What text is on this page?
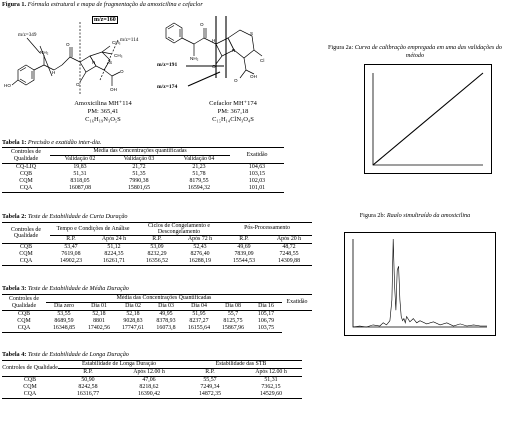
Figura 1. Fórmula estrutural e mapa de fragmentação da amoxicilina e cefaclor
HO
NH₂
H
O
O
S
OH
O
CH₃
CH₃
N
m/z=160
m/z=349
m/z=114
Amoxicilina MH⁺114
PM: 365,41
C₁₆H₁₉N₃O₅S
O
NH₂
H
O
S
Cl
OH
O
N
m/z=191
m/z=174
Cefaclor MH⁺174
PM: 367,18
C₁₅H₁₄ClN₃O₄S
Tabela 1: Precisão e exatidão inter-dia.
Controles de Qualidade	Média das Concentrações quantificadas			Exatidão
	Validação 02	Validação 03	Validação 04	
CQ-LIQ	19,83	21,72	21,23	104,63
CQB	51,31	51,35	51,78	103,15
CQM	8318,05	7990,38	8179,55	102,03
CQA	16087,08	15801,65	16594,32	101,01
Tabela 2: Teste de Estabilidade de Curta Duração
Controles de Qualidade	Tempo e Condições de Análise		Ciclos de Congelamento e Descongelamento		Pós-Processamento	
	R.P.	Após 24 h	R.P.	Após 72 h	R.P.	Após 20 h
CQB	53,47	51,12	53,09	52,43	49,69	48,72
CQM	7619,08	8224,35	8232,29	8276,40	7839,09	7248,55
CQA	14902,23	16261,71	16356,52	16288,19	15544,53	14309,88
Tabela 3: Teste de Estabilidade de Média Duração
Controles de Qualidade	Média das Concentrações Quantificadas							Exatidão
	Dia zero	Dia 01	Dia 02	Dia 03	Dia 04	Dia 08	Dia 16	
CQB	53,55	52,18	52,18	49,95	51,95	55,7	105,17	
CQM	8689,59	8801	9028,83	8378,93	8237,27	8125,75	106,79	
CQA	16348,85	17402,56	17747,61	16073,8	16155,64	15867,96	103,75	
Tabela 4: Teste de Estabilidade de Longa Duração
Controles de Qualidade	Estabilidade de Longa Duração		Estabilidade das STB	
	R.P.	Após 12.00 h	R.P.	Após 12.00 h
CQB	50,90	47,06	55,57	51,31
CQM	8242,58	8218,62	7249,34	7362,15
CQA	16316,77	16390,42	14872,35	14529,60
Figura 2a: Curva de calibração empregada em uma das validações do método
Figura 2b: Raalo simultraído da amoxicilina
